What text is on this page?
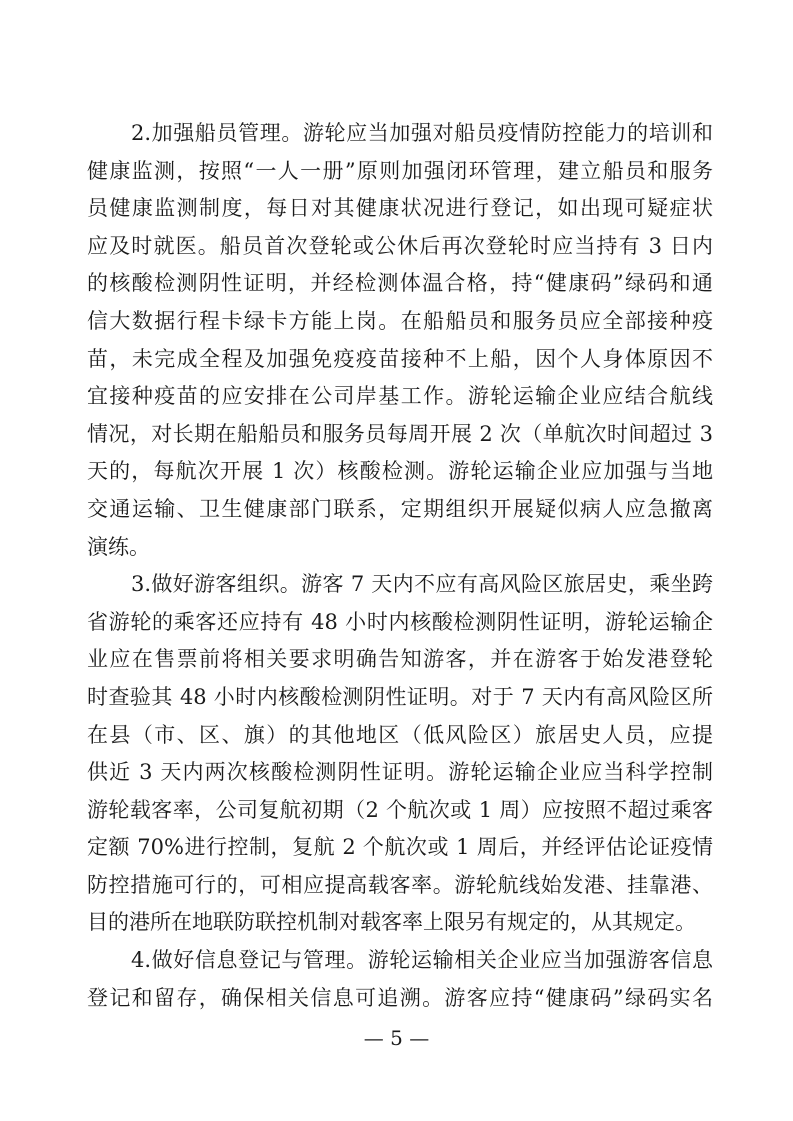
2.加强船员管理。游轮应当加强对船员疫情防控能力的培训和
健康监测，按照“一人一册”原则加强闭环管理，建立船员和服务
员健康监测制度，每日对其健康状况进行登记，如出现可疑症状
应及时就医。船员首次登轮或公休后再次登轮时应当持有 3 日内
的核酸检测阴性证明，并经检测体温合格，持“健康码”绿码和通
信大数据行程卡绿卡方能上岗。在船船员和服务员应全部接种疫
苗，未完成全程及加强免疫疫苗接种不上船，因个人身体原因不
宜接种疫苗的应安排在公司岸基工作。游轮运输企业应结合航线
情况，对长期在船船员和服务员每周开展 2 次（单航次时间超过 3
天的，每航次开展 1 次）核酸检测。游轮运输企业应加强与当地
交通运输、卫生健康部门联系，定期组织开展疑似病人应急撤离
演练。
3.做好游客组织。游客 7 天内不应有高风险区旅居史，乘坐跨
省游轮的乘客还应持有 48 小时内核酸检测阴性证明，游轮运输企
业应在售票前将相关要求明确告知游客，并在游客于始发港登轮
时查验其 48 小时内核酸检测阴性证明。对于 7 天内有高风险区所
在县（市、区、旗）的其他地区（低风险区）旅居史人员，应提
供近 3 天内两次核酸检测阴性证明。游轮运输企业应当科学控制
游轮载客率，公司复航初期（2 个航次或 1 周）应按照不超过乘客
定额 70%进行控制，复航 2 个航次或 1 周后，并经评估论证疫情
防控措施可行的，可相应提高载客率。游轮航线始发港、挂靠港、
目的港所在地联防联控机制对载客率上限另有规定的，从其规定。
4.做好信息登记与管理。游轮运输相关企业应当加强游客信息
登记和留存，确保相关信息可追溯。游客应持“健康码”绿码实名
— 5 —
